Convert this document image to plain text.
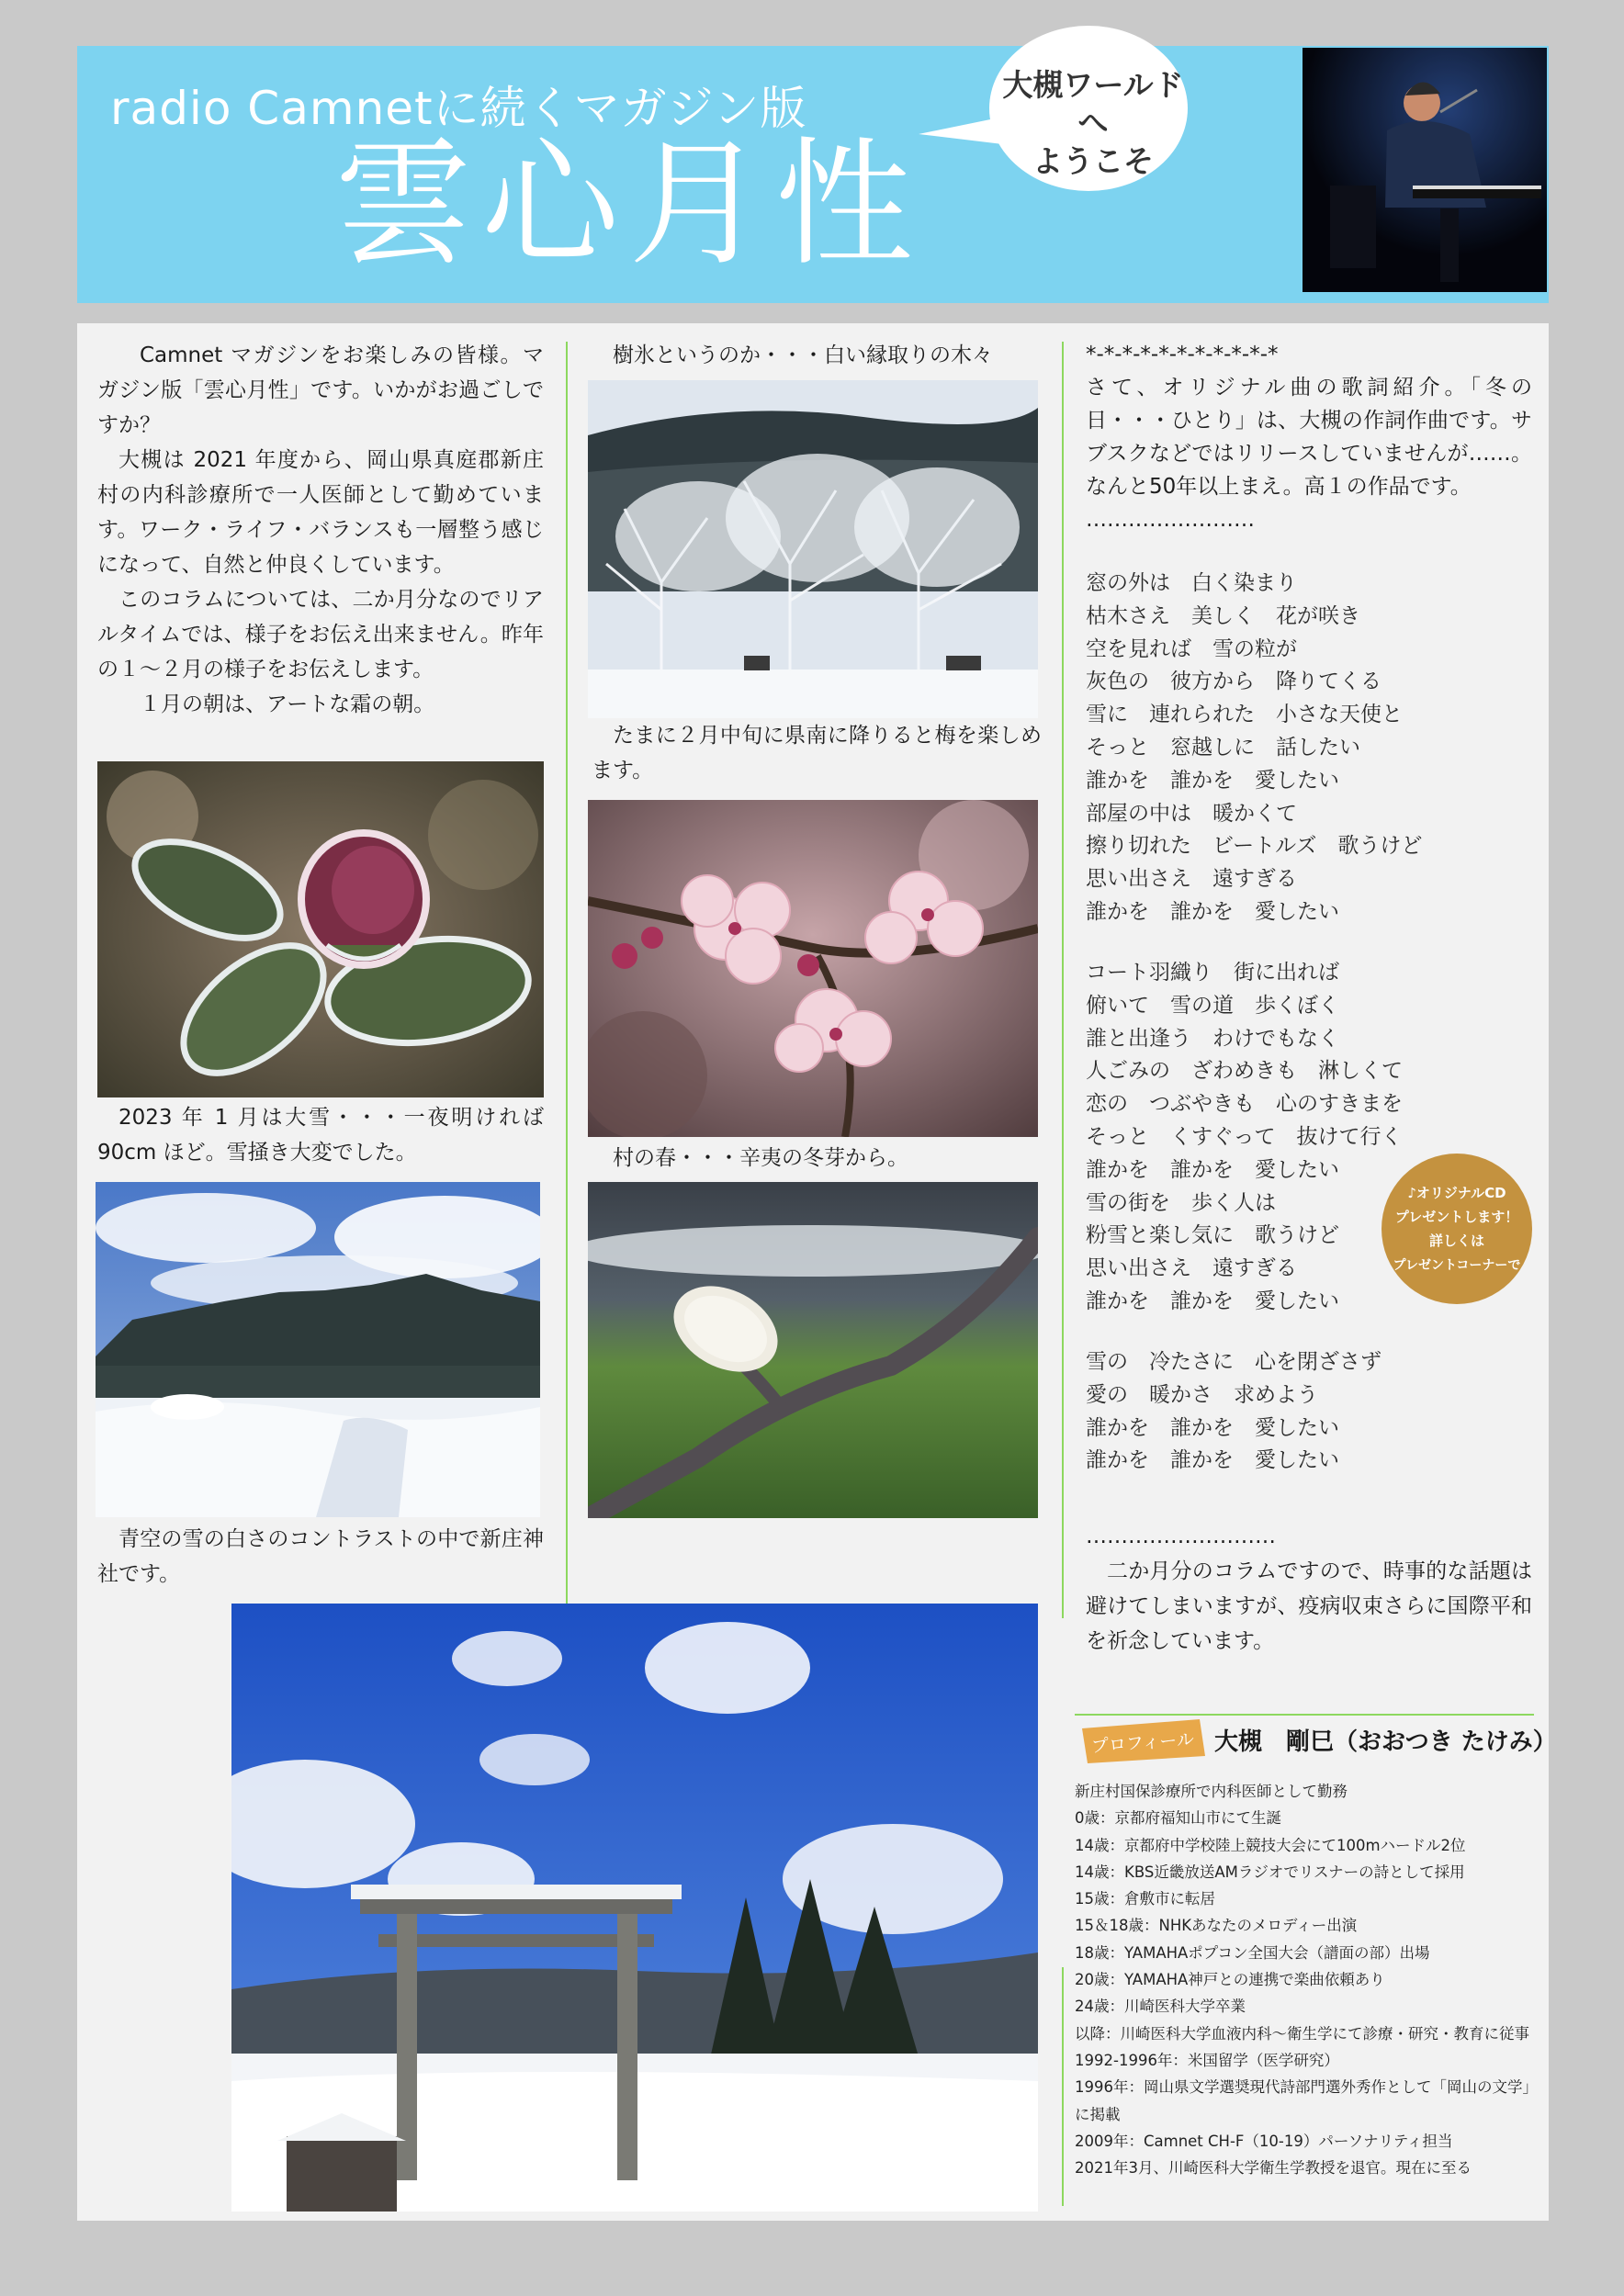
radio Camnetに続くマガジン版
雲心月性
大槻ワールドへ
ようこそ

Camnet マガジンをお楽しみの皆様。マガジン版「雲心月性」です。いかがお過ごしですか？

大槻は 2021 年度から、岡山県真庭郡新庄村の内科診療所で一人医師として勤めています。ワーク・ライフ・バランスも一層整う感じになって、自然と仲良くしています。

このコラムについては、二か月分なのでリアルタイムでは、様子をお伝え出来ません。昨年の１～２月の様子をお伝えします。

１月の朝は、アートな霜の朝。

2023 年 1 月は大雪・・・一夜明ければ 90cm ほど。雪掻き大変でした。

青空の雪の白さのコントラストの中で新庄神社です。

樹氷というのか・・・白い縁取りの木々

たまに２月中旬に県南に降りると梅を楽しめます。

村の春・・・辛夷の冬芽から。

*-*-*-*-*-*-*-*-*-*-*

さて、オリジナル曲の歌詞紹介。「冬の日・・・ひとり」は、大槻の作詞作曲です。サブスクなどではリリースしていませんが……。なんと50年以上まえ。高１の作品です。

……………………

窓の外は　白く染まり
枯木さえ　美しく　花が咲き
空を見れば　雪の粒が
灰色の　彼方から　降りてくる
雪に　連れられた　小さな天使と
そっと　窓越しに　話したい
誰かを　誰かを　愛したい
部屋の中は　暖かくて
擦り切れた　ビートルズ　歌うけど
思い出さえ　遠すぎる
誰かを　誰かを　愛したい
コート羽織り　街に出れば
俯いて　雪の道　歩くぼく
誰と出逢う　わけでもなく
人ごみの　ざわめきも　淋しくて
恋の　つぶやきも　心のすきまを
そっと　くすぐって　抜けて行く
誰かを　誰かを　愛したい
雪の街を　歩く人は
粉雪と楽し気に　歌うけど
思い出さえ　遠すぎる
誰かを　誰かを　愛したい
雪の　冷たさに　心を閉ざさず
愛の　暖かさ　求めよう
誰かを　誰かを　愛したい
誰かを　誰かを　愛したい

………………………

二か月分のコラムですので、時事的な話題は避けてしまいますが、疫病収束さらに国際平和を祈念しています。

♪オリジナルCD
プレゼントします！
詳しくは
プレゼントコーナーで
プロフィール 大槻　剛巳（おおつき たけみ）
新庄村国保診療所で内科医師として勤務
0歳：京都府福知山市にて生誕
14歳：京都府中学校陸上競技大会にて100mハードル2位
14歳：KBS近畿放送AMラジオでリスナーの詩として採用
15歳：倉敷市に転居
15＆18歳：NHKあなたのメロディー出演
18歳：YAMAHAポプコン全国大会（譜面の部）出場
20歳：YAMAHA神戸との連携で楽曲依頼あり
24歳：川崎医科大学卒業
以降：川崎医科大学血液内科～衛生学にて診療・研究・教育に従事
1992-1996年：米国留学（医学研究）
1996年：岡山県文学選奨現代詩部門選外秀作として「岡山の文学」に掲載
2009年：Camnet CH-F（10-19）パーソナリティ担当
2021年3月、川崎医科大学衛生学教授を退官。現在に至る
